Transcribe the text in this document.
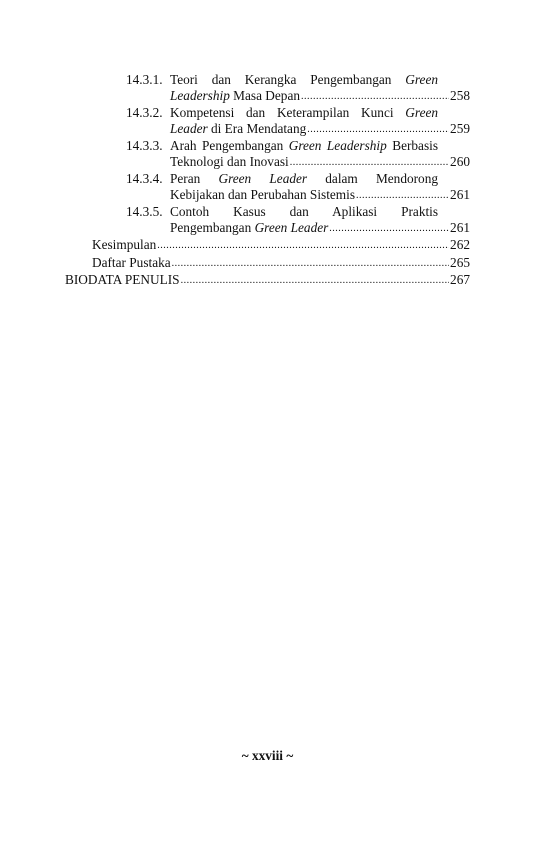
14.3.1. Teori dan Kerangka Pengembangan Green
Leadership Masa Depan .....	258
14.3.2. Kompetensi dan Keterampilan Kunci Green
Leader di Era Mendatang .....	259
14.3.3. Arah Pengembangan Green Leadership Berbasis
Teknologi dan Inovasi .....	260
14.3.4. Peran Green Leader dalam Mendorong
Kebijakan dan Perubahan Sistemis .....	261
14.3.5. Contoh Kasus dan Aplikasi Praktis
Pengembangan Green Leader .....	261
Kesimpulan .....	262
Daftar Pustaka .....	265
BIODATA PENULIS .....	267
~ xxviii ~
